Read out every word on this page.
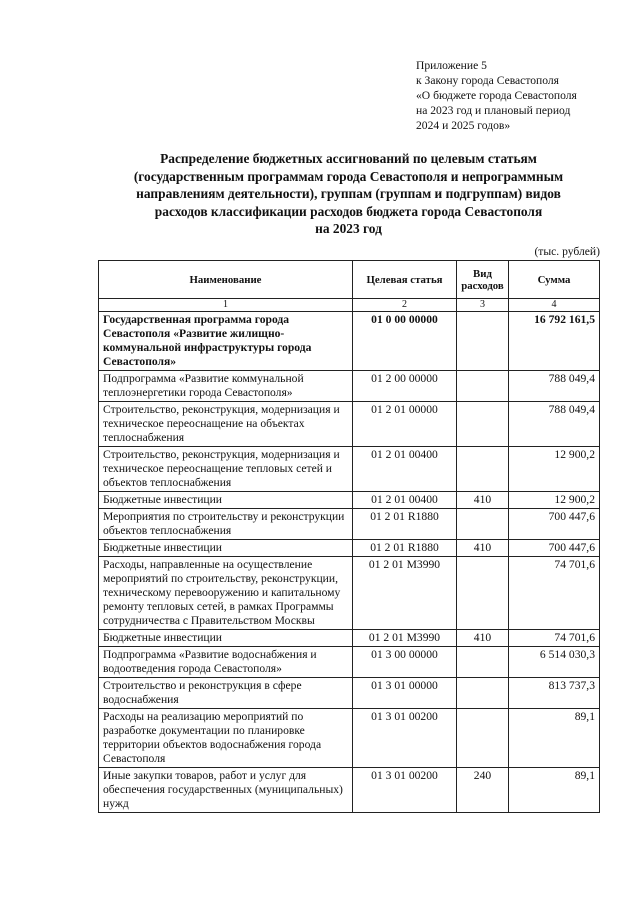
Приложение 5
к Закону города Севастополя
«О бюджете города Севастополя
на 2023 год и плановый период
2024 и 2025 годов»
Распределение бюджетных ассигнований по целевым статьям
(государственным программам города Севастополя и непрограммным
направлениям деятельности), группам (группам и подгруппам) видов
расходов классификации расходов бюджета города Севастополя
на 2023 год
(тыс. рублей)
Наименование	Целевая статья	Вид расходов	Сумма
1	2	3	4
Государственная программа города Севастополя «Развитие жилищно-коммунальной инфраструктуры города Севастополя»	01 0 00 00000		16 792 161,5
Подпрограмма «Развитие коммунальной теплоэнергетики города Севастополя»	01 2 00 00000		788 049,4
Строительство, реконструкция, модернизация и техническое переоснащение на объектах теплоснабжения	01 2 01 00000		788 049,4
Строительство, реконструкция, модернизация и техническое переоснащение тепловых сетей и объектов теплоснабжения	01 2 01 00400		12 900,2
Бюджетные инвестиции	01 2 01 00400	410	12 900,2
Мероприятия по строительству и реконструкции объектов теплоснабжения	01 2 01 R1880		700 447,6
Бюджетные инвестиции	01 2 01 R1880	410	700 447,6
Расходы, направленные на осуществление мероприятий по строительству, реконструкции, техническому перевооружению и капитальному ремонту тепловых сетей, в рамках Программы сотрудничества с Правительством Москвы	01 2 01 M3990		74 701,6
Бюджетные инвестиции	01 2 01 M3990	410	74 701,6
Подпрограмма «Развитие водоснабжения и водоотведения города Севастополя»	01 3 00 00000		6 514 030,3
Строительство и реконструкция в сфере водоснабжения	01 3 01 00000		813 737,3
Расходы на реализацию мероприятий по разработке документации по планировке территории объектов водоснабжения города Севастополя	01 3 01 00200		89,1
Иные закупки товаров, работ и услуг для обеспечения государственных (муниципальных) нужд	01 3 01 00200	240	89,1
